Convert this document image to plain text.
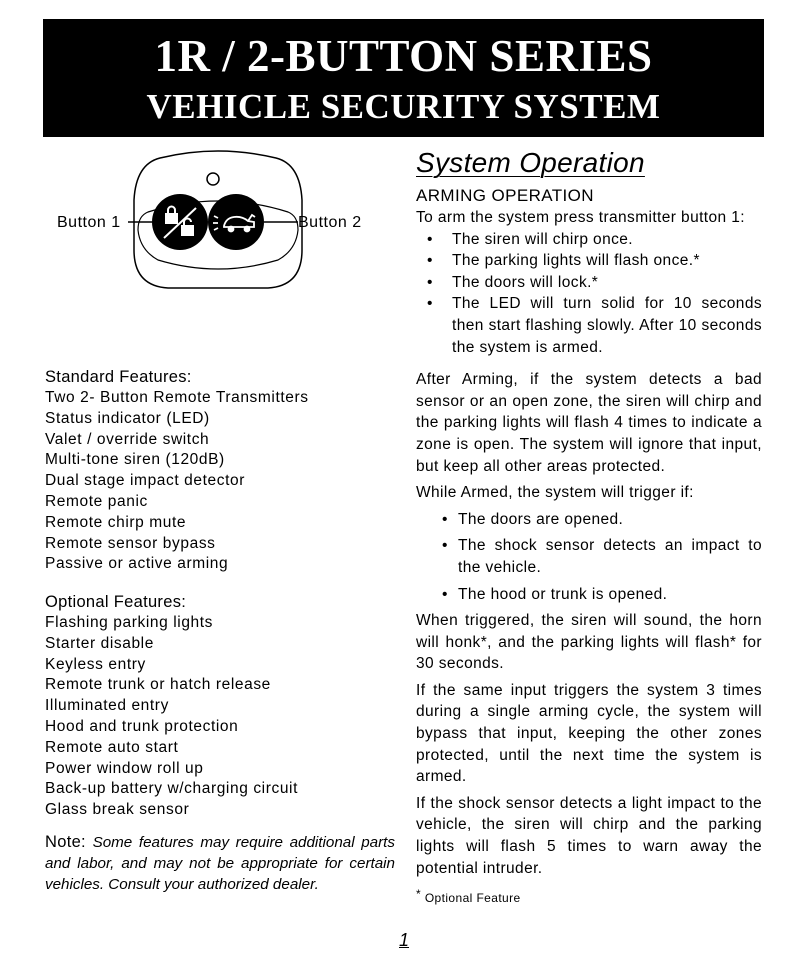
1R / 2-BUTTON SERIES
VEHICLE SECURITY SYSTEM
Button 1	Button 2
Standard Features:
Two 2- Button Remote Transmitters
Status indicator (LED)
Valet / override switch
Multi-tone siren (120dB)
Dual stage impact detector
Remote panic
Remote chirp mute
Remote sensor bypass
Passive or active arming
Optional Features:
Flashing parking lights
Starter disable
Keyless entry
Remote trunk or hatch release
Illuminated entry
Hood and trunk protection
Remote auto start
Power window roll up
Back-up battery w/charging circuit
Glass break sensor
Note: Some features may require additional parts and labor, and may not be appropriate for certain vehicles. Consult your authorized dealer.
System Operation
ARMING OPERATION
To arm the system press transmitter button 1:
• The siren will chirp once.
• The parking lights will flash once.*
• The doors will lock.*
• The LED will turn solid for 10 seconds then start flashing slowly. After 10 seconds the system is armed.

After Arming, if the system detects a bad sensor or an open zone, the siren will chirp and the parking lights will flash 4 times to indicate a zone is open. The system will ignore that input, but keep all other areas protected.

While Armed, the system will trigger if:

• The doors are opened.
• The shock sensor detects an impact to the vehicle.
• The hood or trunk is opened.

When triggered, the siren will sound, the horn will honk*, and the parking lights will flash* for 30 seconds.

If the same input triggers the system 3 times during a single arming cycle, the system will bypass that input, keeping the other zones protected, until the next time the system is armed.

If the shock sensor detects a light impact to the vehicle, the siren will chirp and the parking lights will flash 5 times to warn away the potential intruder.

* Optional Feature
1
